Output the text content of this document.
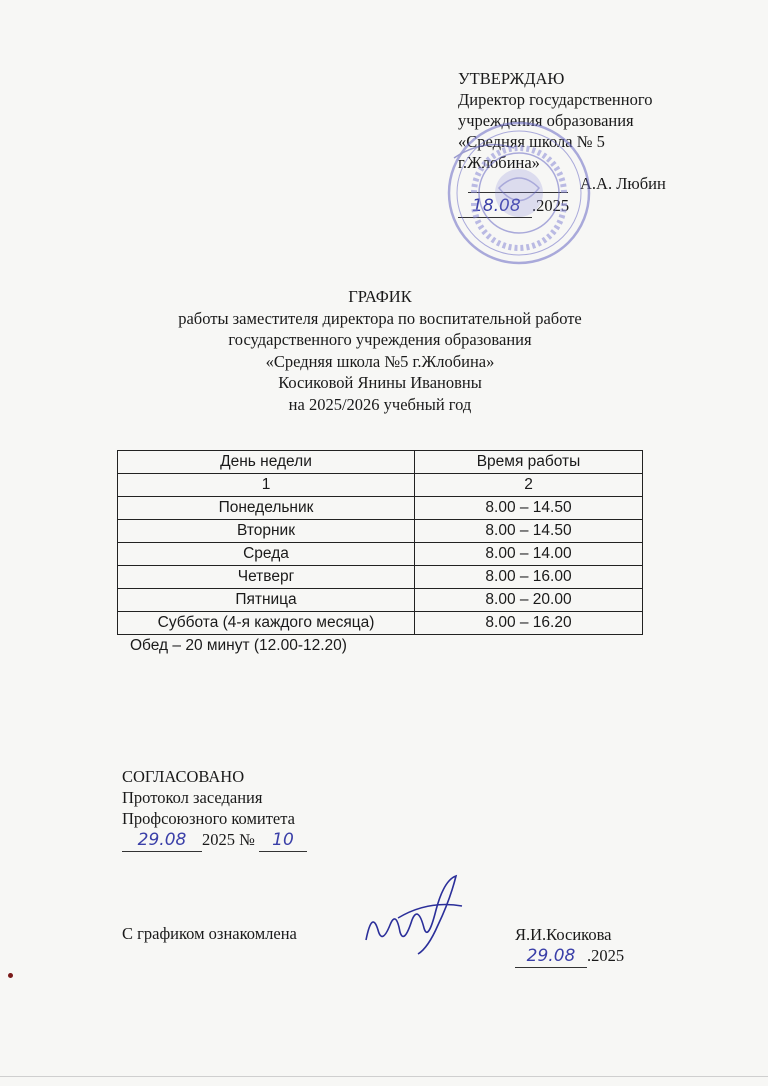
УТВЕРЖДАЮ
Директор государственного
учреждения образования
«Средняя школа № 5
г.Жлобина»
А.А. Любин
18.08 .2025
ГРАФИК
работы заместителя директора по воспитательной работе
государственного учреждения образования
«Средняя школа №5 г.Жлобина»
Косиковой Янины Ивановны
на 2025/2026 учебный год
День недели	Время работы
1	2
Понедельник	8.00 – 14.50
Вторник	8.00 – 14.50
Среда	8.00 – 14.00
Четверг	8.00 – 16.00
Пятница	8.00 – 20.00
Суббота (4-я каждого месяца)	8.00 – 16.20
Обед – 20 минут (12.00-12.20)
СОГЛАСОВАНО
Протокол заседания
Профсоюзного комитета
29.08 2025 № 10
С графиком ознакомлена	Я.И.Косикова
29.08 .2025
